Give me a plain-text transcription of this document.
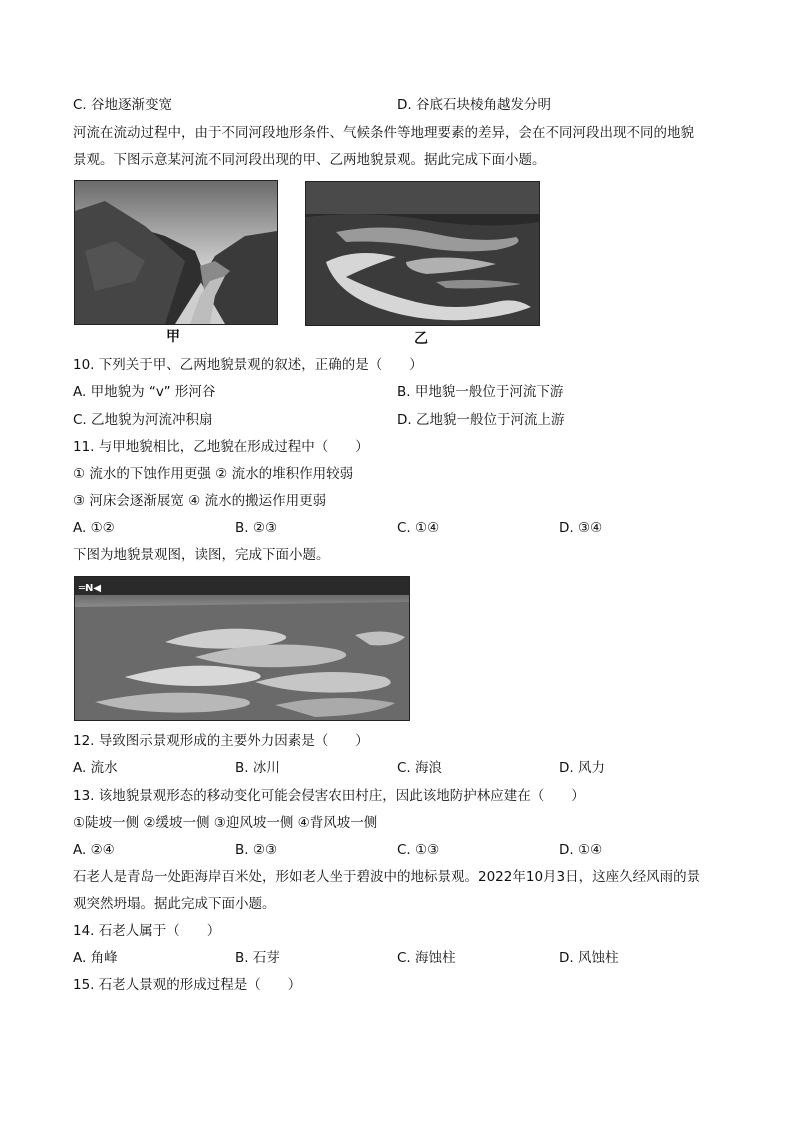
C. 谷地逐渐变宽	D. 谷底石块棱角越发分明
河流在流动过程中，由于不同河段地形条件、气候条件等地理要素的差异，会在不同河段出现不同的地貌
景观。下图示意某河流不同河段出现的甲、乙两地貌景观。据此完成下面小题。
甲	乙
10. 下列关于甲、乙两地貌景观的叙述，正确的是（　　）
A. 甲地貌为 “v” 形河谷	B. 甲地貌一般位于河流下游
C. 乙地貌为河流冲积扇	D. 乙地貌一般位于河流上游
11. 与甲地貌相比，乙地貌在形成过程中（　　）
① 流水的下蚀作用更强 ② 流水的堆积作用较弱
③ 河床会逐渐展宽 ④ 流水的搬运作用更弱
A. ①②	B. ②③	C. ①④	D. ③④
下图为地貌景观图，读图，完成下面小题。
═N◀
12. 导致图示景观形成的主要外力因素是（　　）
A. 流水	B. 冰川	C. 海浪	D. 风力
13. 该地貌景观形态的移动变化可能会侵害农田村庄，因此该地防护林应建在（　　）
①陡坡一侧 ②缓坡一侧 ③迎风坡一侧 ④背风坡一侧
A. ②④	B. ②③	C. ①③	D. ①④
石老人是青岛一处距海岸百米处，形如老人坐于碧波中的地标景观。2022年10月3日，这座久经风雨的景
观突然坍塌。据此完成下面小题。
14. 石老人属于（　　）
A. 角峰	B. 石芽	C. 海蚀柱	D. 风蚀柱
15. 石老人景观的形成过程是（　　）
